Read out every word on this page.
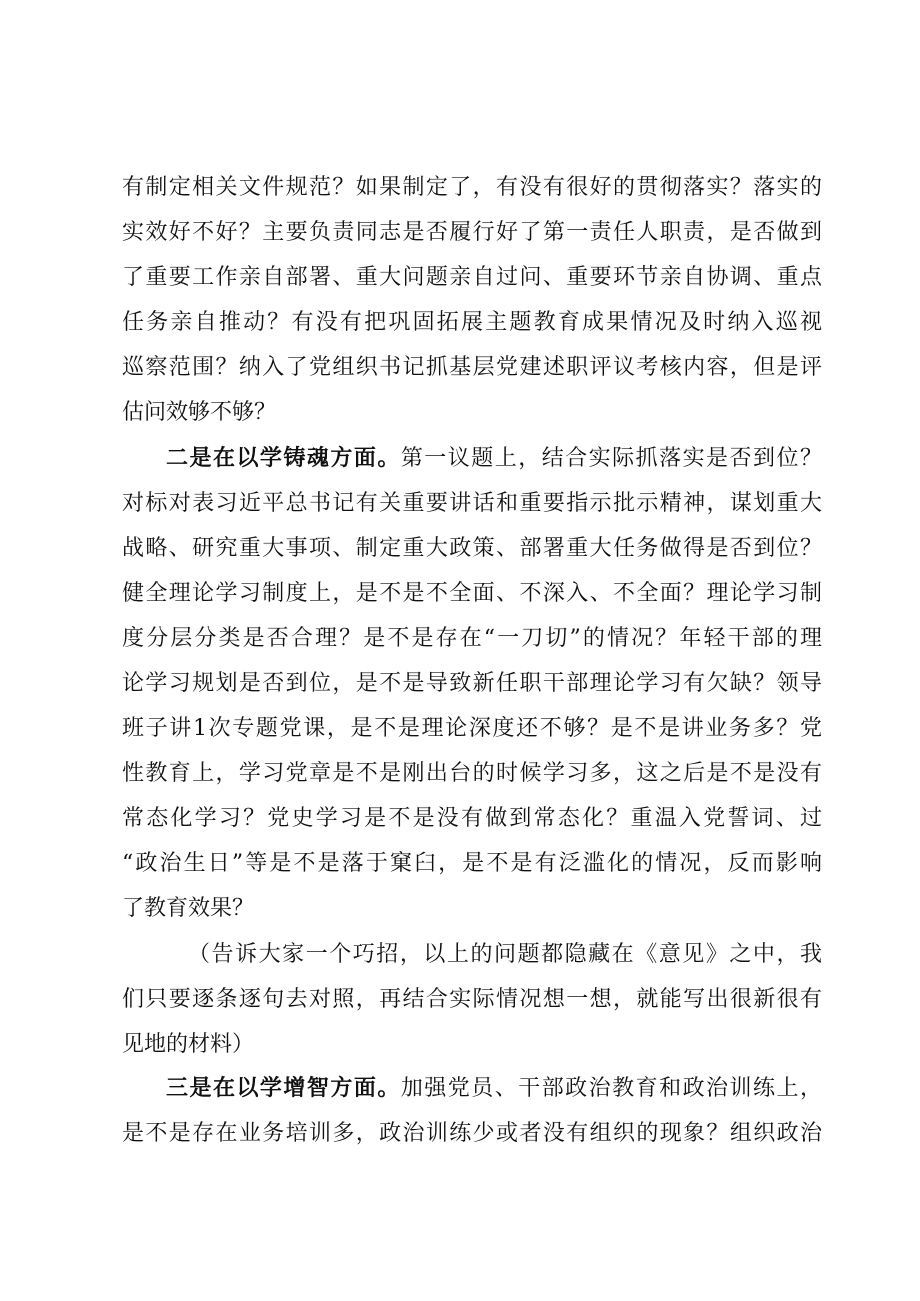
有制定相关文件规范？如果制定了，有没有很好的贯彻落实？落实的
实效好不好？主要负责同志是否履行好了第一责任人职责，是否做到
了重要工作亲自部署、重大问题亲自过问、重要环节亲自协调、重点
任务亲自推动？有没有把巩固拓展主题教育成果情况及时纳入巡视
巡察范围？纳入了党组织书记抓基层党建述职评议考核内容，但是评
估问效够不够？
二是在以学铸魂方面。第一议题上，结合实际抓落实是否到位？
对标对表习近平总书记有关重要讲话和重要指示批示精神，谋划重大
战略、研究重大事项、制定重大政策、部署重大任务做得是否到位？
健全理论学习制度上，是不是不全面、不深入、不全面？理论学习制
度分层分类是否合理？是不是存在“一刀切”的情况？年轻干部的理
论学习规划是否到位，是不是导致新任职干部理论学习有欠缺？领导
班子讲1次专题党课，是不是理论深度还不够？是不是讲业务多？党
性教育上，学习党章是不是刚出台的时候学习多，这之后是不是没有
常态化学习？党史学习是不是没有做到常态化？重温入党誓词、过
“政治生日”等是不是落于窠臼，是不是有泛滥化的情况，反而影响
了教育效果？
（告诉大家一个巧招，以上的问题都隐藏在《意见》之中，我
们只要逐条逐句去对照，再结合实际情况想一想，就能写出很新很有
见地的材料）
三是在以学增智方面。加强党员、干部政治教育和政治训练上，
是不是存在业务培训多，政治训练少或者没有组织的现象？组织政治
